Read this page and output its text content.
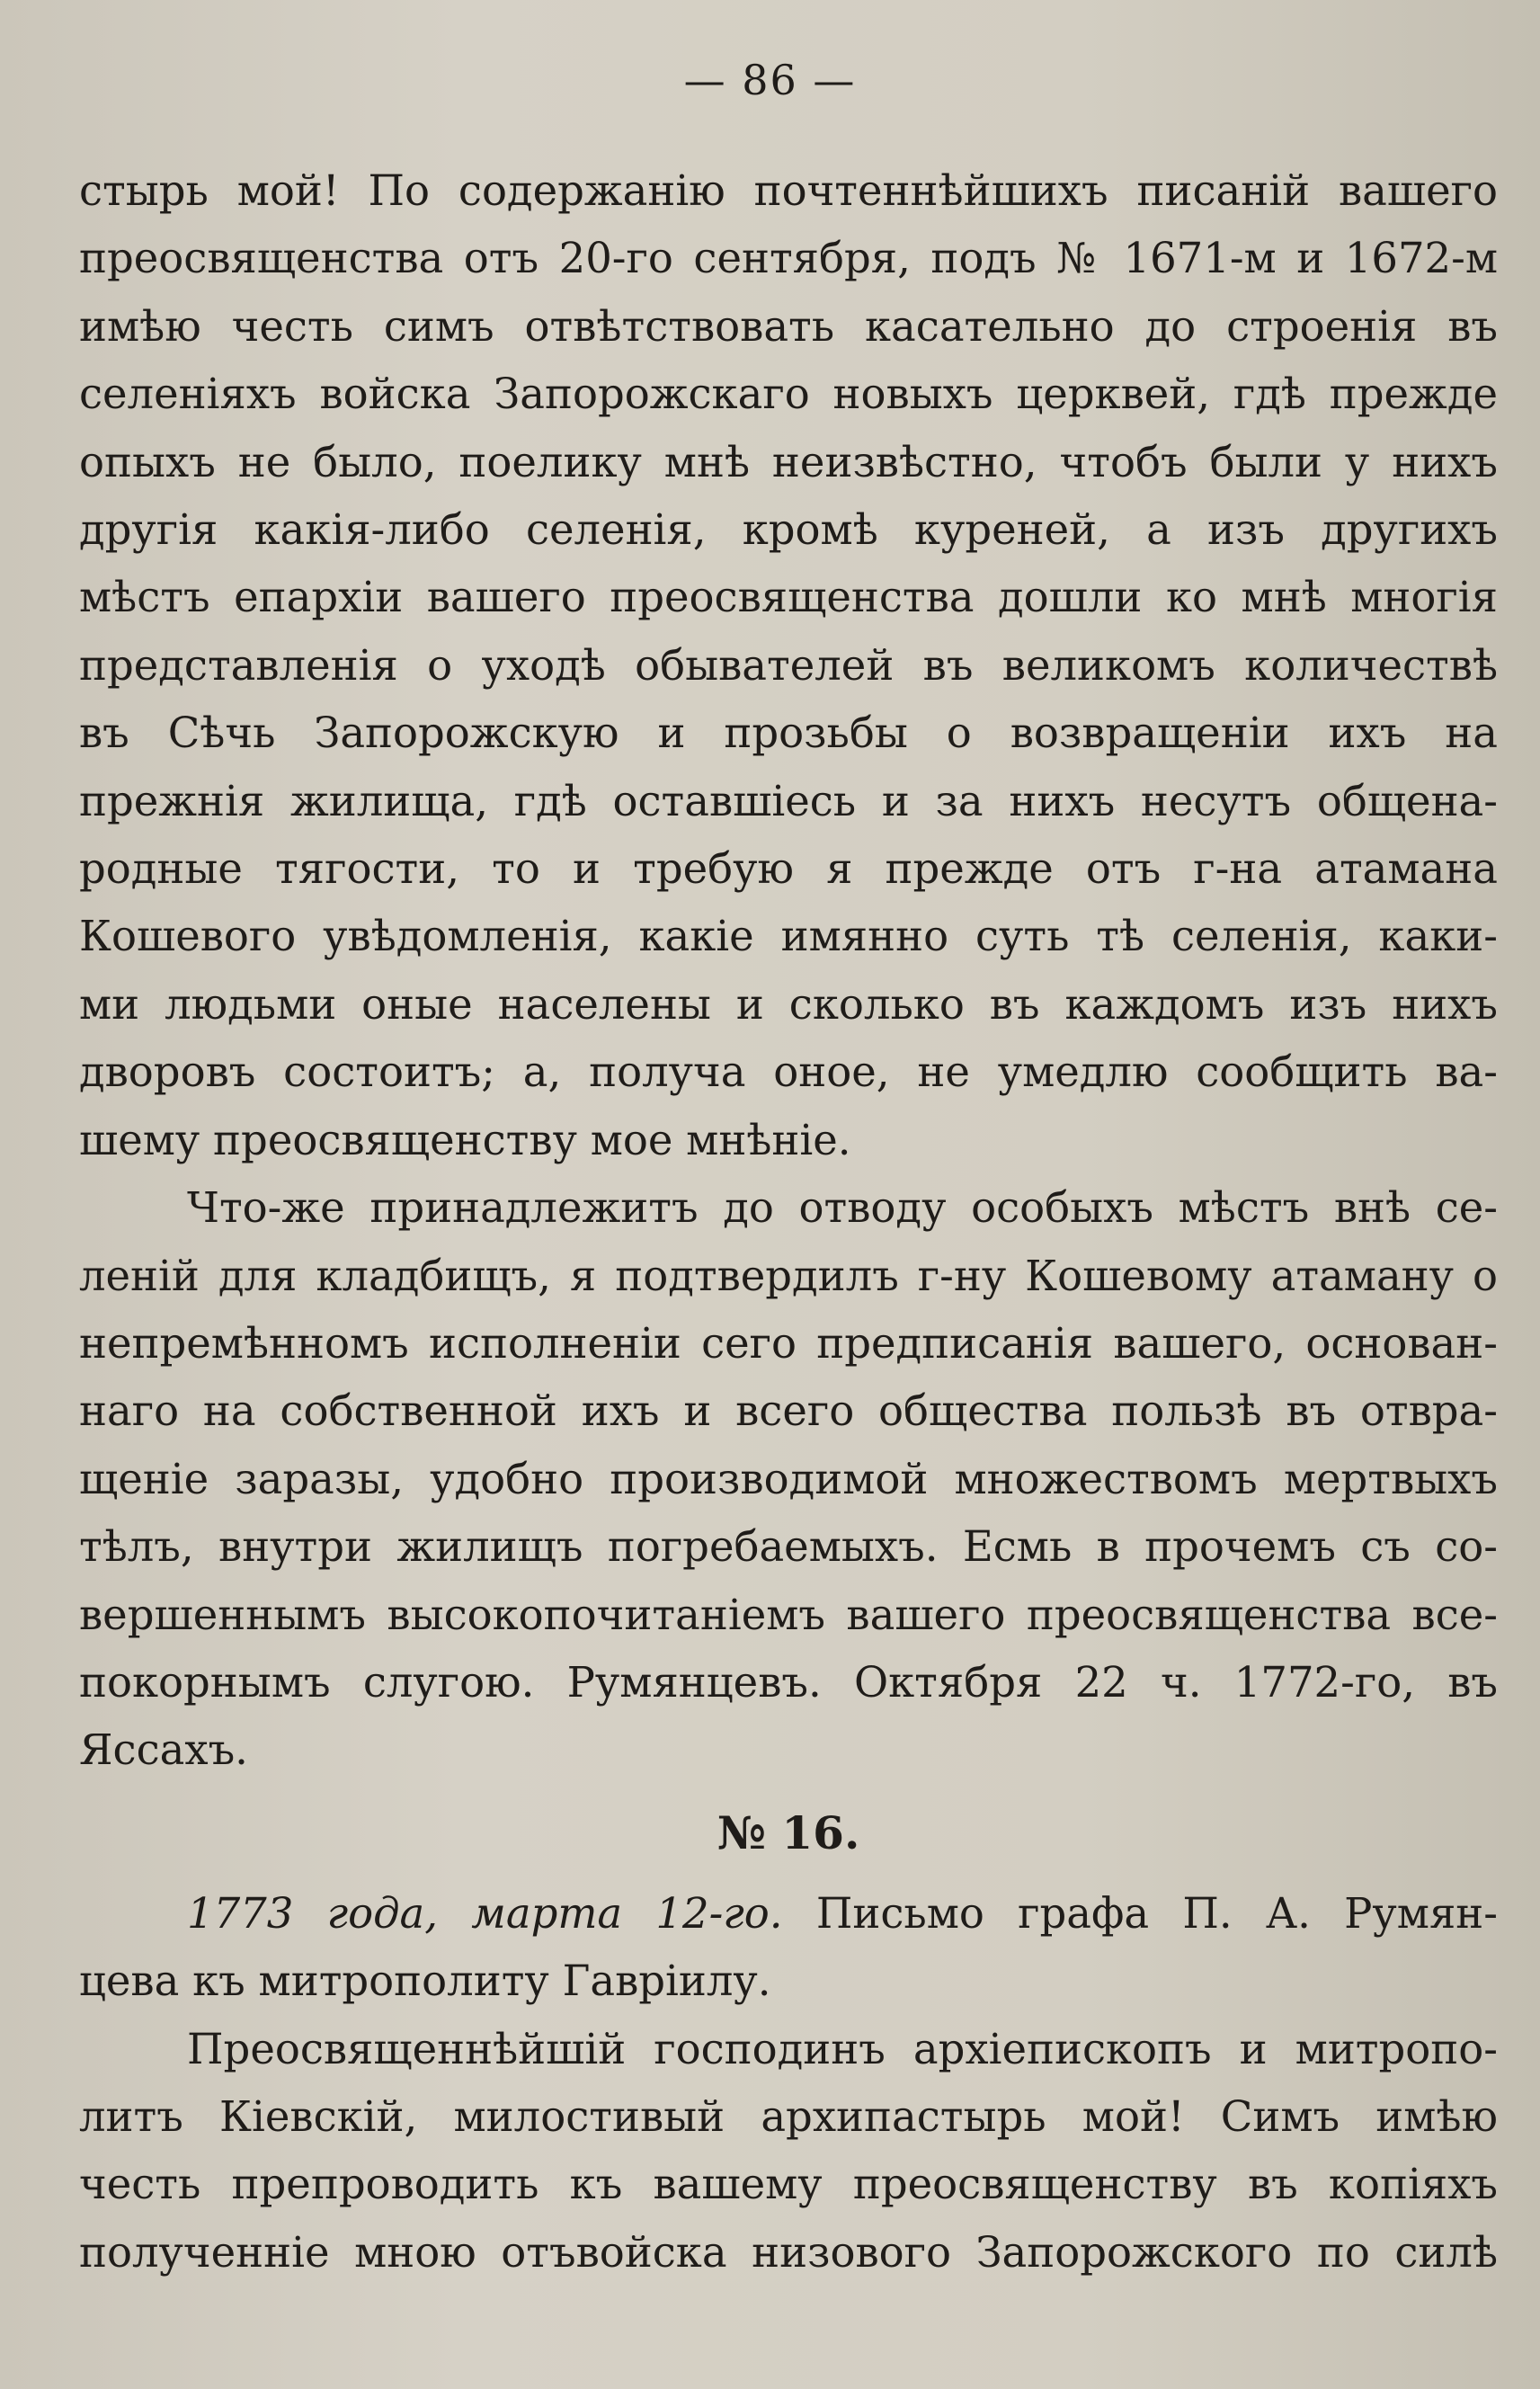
— 86 —
стырь мой! По содержанію почтеннѣйшихъ писаній вашего
преосвященства отъ 20-го сентября, подъ № 1671-м и 1672-м
имѣю честь симъ отвѣтствовать касательно до строенія въ
селеніяхъ войска Запорожскаго новыхъ церквей, гдѣ прежде
опыхъ не было, поелику мнѣ неизвѣстно, чтобъ были у нихъ
другія какія-либо селенія, кромѣ куреней, а изъ другихъ
мѣстъ епархіи вашего преосвященства дошли ко мнѣ многія
представленія о уходѣ обывателей въ великомъ количествѣ
въ Сѣчь Запорожскую и прозьбы о возвращеніи ихъ на
прежнія жилища, гдѣ оставшіесь и за нихъ несутъ общена-
родные тягости, то и требую я прежде отъ г-на атамана
Кошевого увѣдомленія, какіе имянно суть тѣ селенія, каки-
ми людьми оные населены и сколько въ каждомъ изъ нихъ
дворовъ состоитъ; а, получа оное, не умедлю сообщить ва-
шему преосвященству мое мнѣніе.
Что-же принадлежитъ до отводу особыхъ мѣстъ внѣ се-
леній для кладбищъ, я подтвердилъ г-ну Кошевому атаману о
непремѣнномъ исполненіи сего предписанія вашего, основан-
наго на собственной ихъ и всего общества пользѣ въ отвра-
щеніе заразы, удобно производимой множествомъ мертвыхъ
тѣлъ, внутри жилищъ погребаемыхъ. Есмь в прочемъ съ со-
вершеннымъ высокопочитаніемъ вашего преосвященства все-
покорнымъ слугою. Румянцевъ. Октября 22 ч. 1772-го, въ
Яссахъ.
№ 16.
1773 года, марта 12-го. Письмо графа П. А. Румян-
цева къ митрополиту Гавріилу.
Преосвященнѣйшій господинъ архіепископъ и митропо-
литъ Кіевскій, милостивый архипастырь мой! Симъ имѣю
честь препроводить къ вашему преосвященству въ копіяхъ
полученніе мною отъвойска низового Запорожского по силѣ
